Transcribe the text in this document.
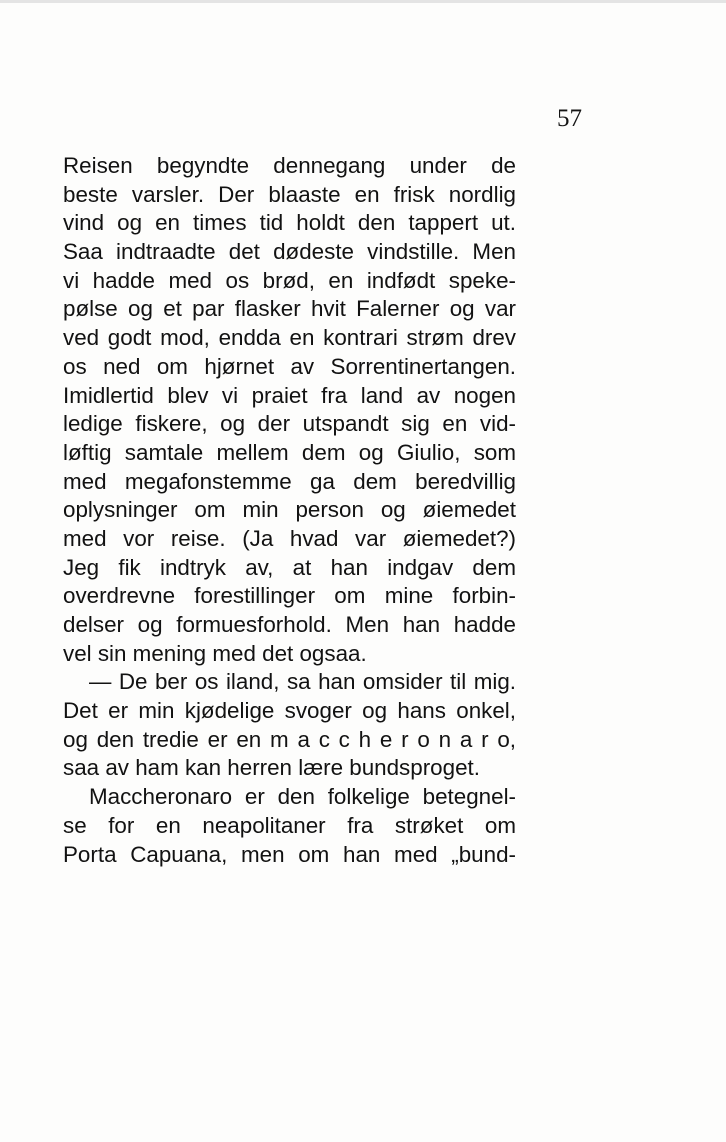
57
Reisen begyndte dennegang under de
beste varsler. Der blaaste en frisk nordlig
vind og en times tid holdt den tappert ut.
Saa indtraadte det dødeste vindstille. Men
vi hadde med os brød, en indfødt speke-
pølse og et par flasker hvit Falerner og var
ved godt mod, endda en kontrari strøm drev
os ned om hjørnet av Sorrentinertangen.
Imidlertid blev vi praiet fra land av nogen
ledige fiskere, og der utspandt sig en vid-
løftig samtale mellem dem og Giulio, som
med megafonstemme ga dem beredvillig
oplysninger om min person og øiemedet
med vor reise. (Ja hvad var øiemedet?)
Jeg fik indtryk av, at han indgav dem
overdrevne forestillinger om mine forbin-
delser og formuesforhold. Men han hadde
vel sin mening med det ogsaa.
— De ber os iland, sa han omsider til mig.
Det er min kjødelige svoger og hans onkel,
og den tredie er en m a c c h e r o n a r o,
saa av ham kan herren lære bundsproget.
Maccheronaro er den folkelige betegnel-
se for en neapolitaner fra strøket om
Porta Capuana, men om han med „bund-
